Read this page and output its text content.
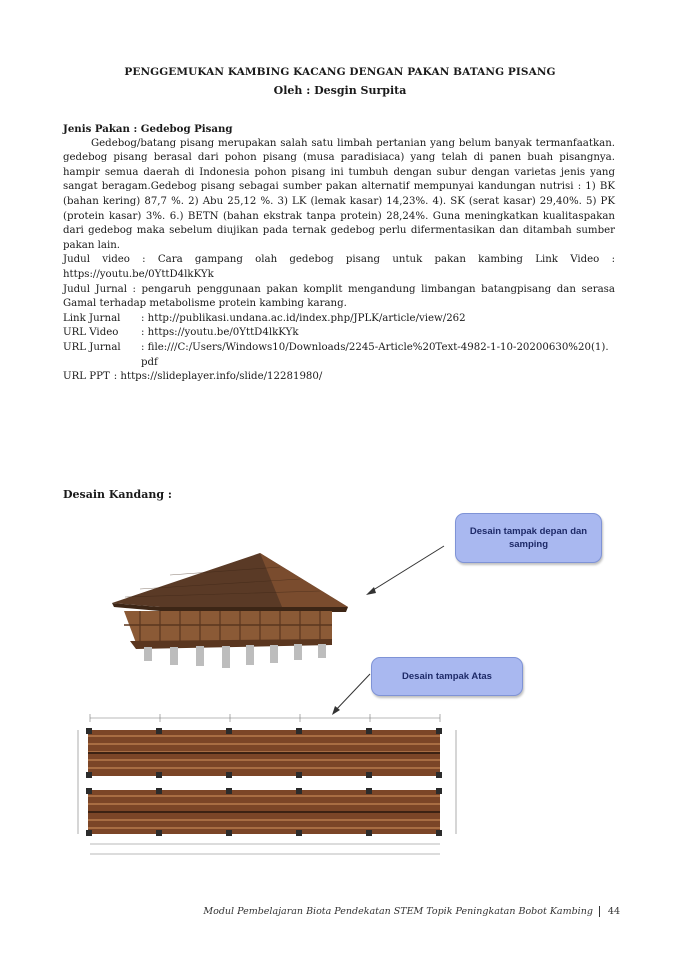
PENGGEMUKAN KAMBING KACANG DENGAN PAKAN BATANG PISANG
Oleh : Desgin Surpita

Jenis Pakan : Gedebog Pisang

Gedebog/batang pisang merupakan salah satu limbah pertanian yang belum banyak termanfaatkan. gedebog pisang berasal dari pohon pisang (musa paradisiaca) yang telah di panen buah pisangnya. hampir semua daerah di Indonesia pohon pisang ini tumbuh dengan subur dengan varietas jenis yang sangat beragam.Gedebog pisang sebagai sumber pakan alternatif mempunyai kandungan nutrisi : 1) BK (bahan kering) 87,7 %. 2) Abu 25,12 %. 3) LK (lemak kasar) 14,23%. 4). SK (serat kasar) 29,40%. 5) PK (protein kasar) 3%. 6.) BETN (bahan ekstrak tanpa protein) 28,24%. Guna meningkatkan kualitaspakan dari gedebog maka sebelum diujikan pada ternak gedebog perlu difermentasikan dan ditambah sumber pakan lain.

Judul video : Cara gampang olah gedebog pisang untuk pakan kambing Link Video : https://youtu.be/0YttD4lkKYk

Judul Jurnal : pengaruh penggunaan pakan komplit mengandung limbangan batangpisang dan serasa Gamal terhadap metabolisme protein kambing karang.

Link Jurnal	: http://publikasi.undana.ac.id/index.php/JPLK/article/view/262
URL Video	: https://youtu.be/0YttD4lkKYk
URL Jurnal	: file:///C:/Users/Windows10/Downloads/2245-Article%20Text-4982-1-10-20200630%20(1).pdf
URL PPT : https://slideplayer.info/slide/12281980/
Desain Kandang :
Desain tampak depan dan samping
Desain tampak Atas
Modul Pembelajaran Biota Pendekatan STEM Topik Peningkatan Bobot Kambing 44
